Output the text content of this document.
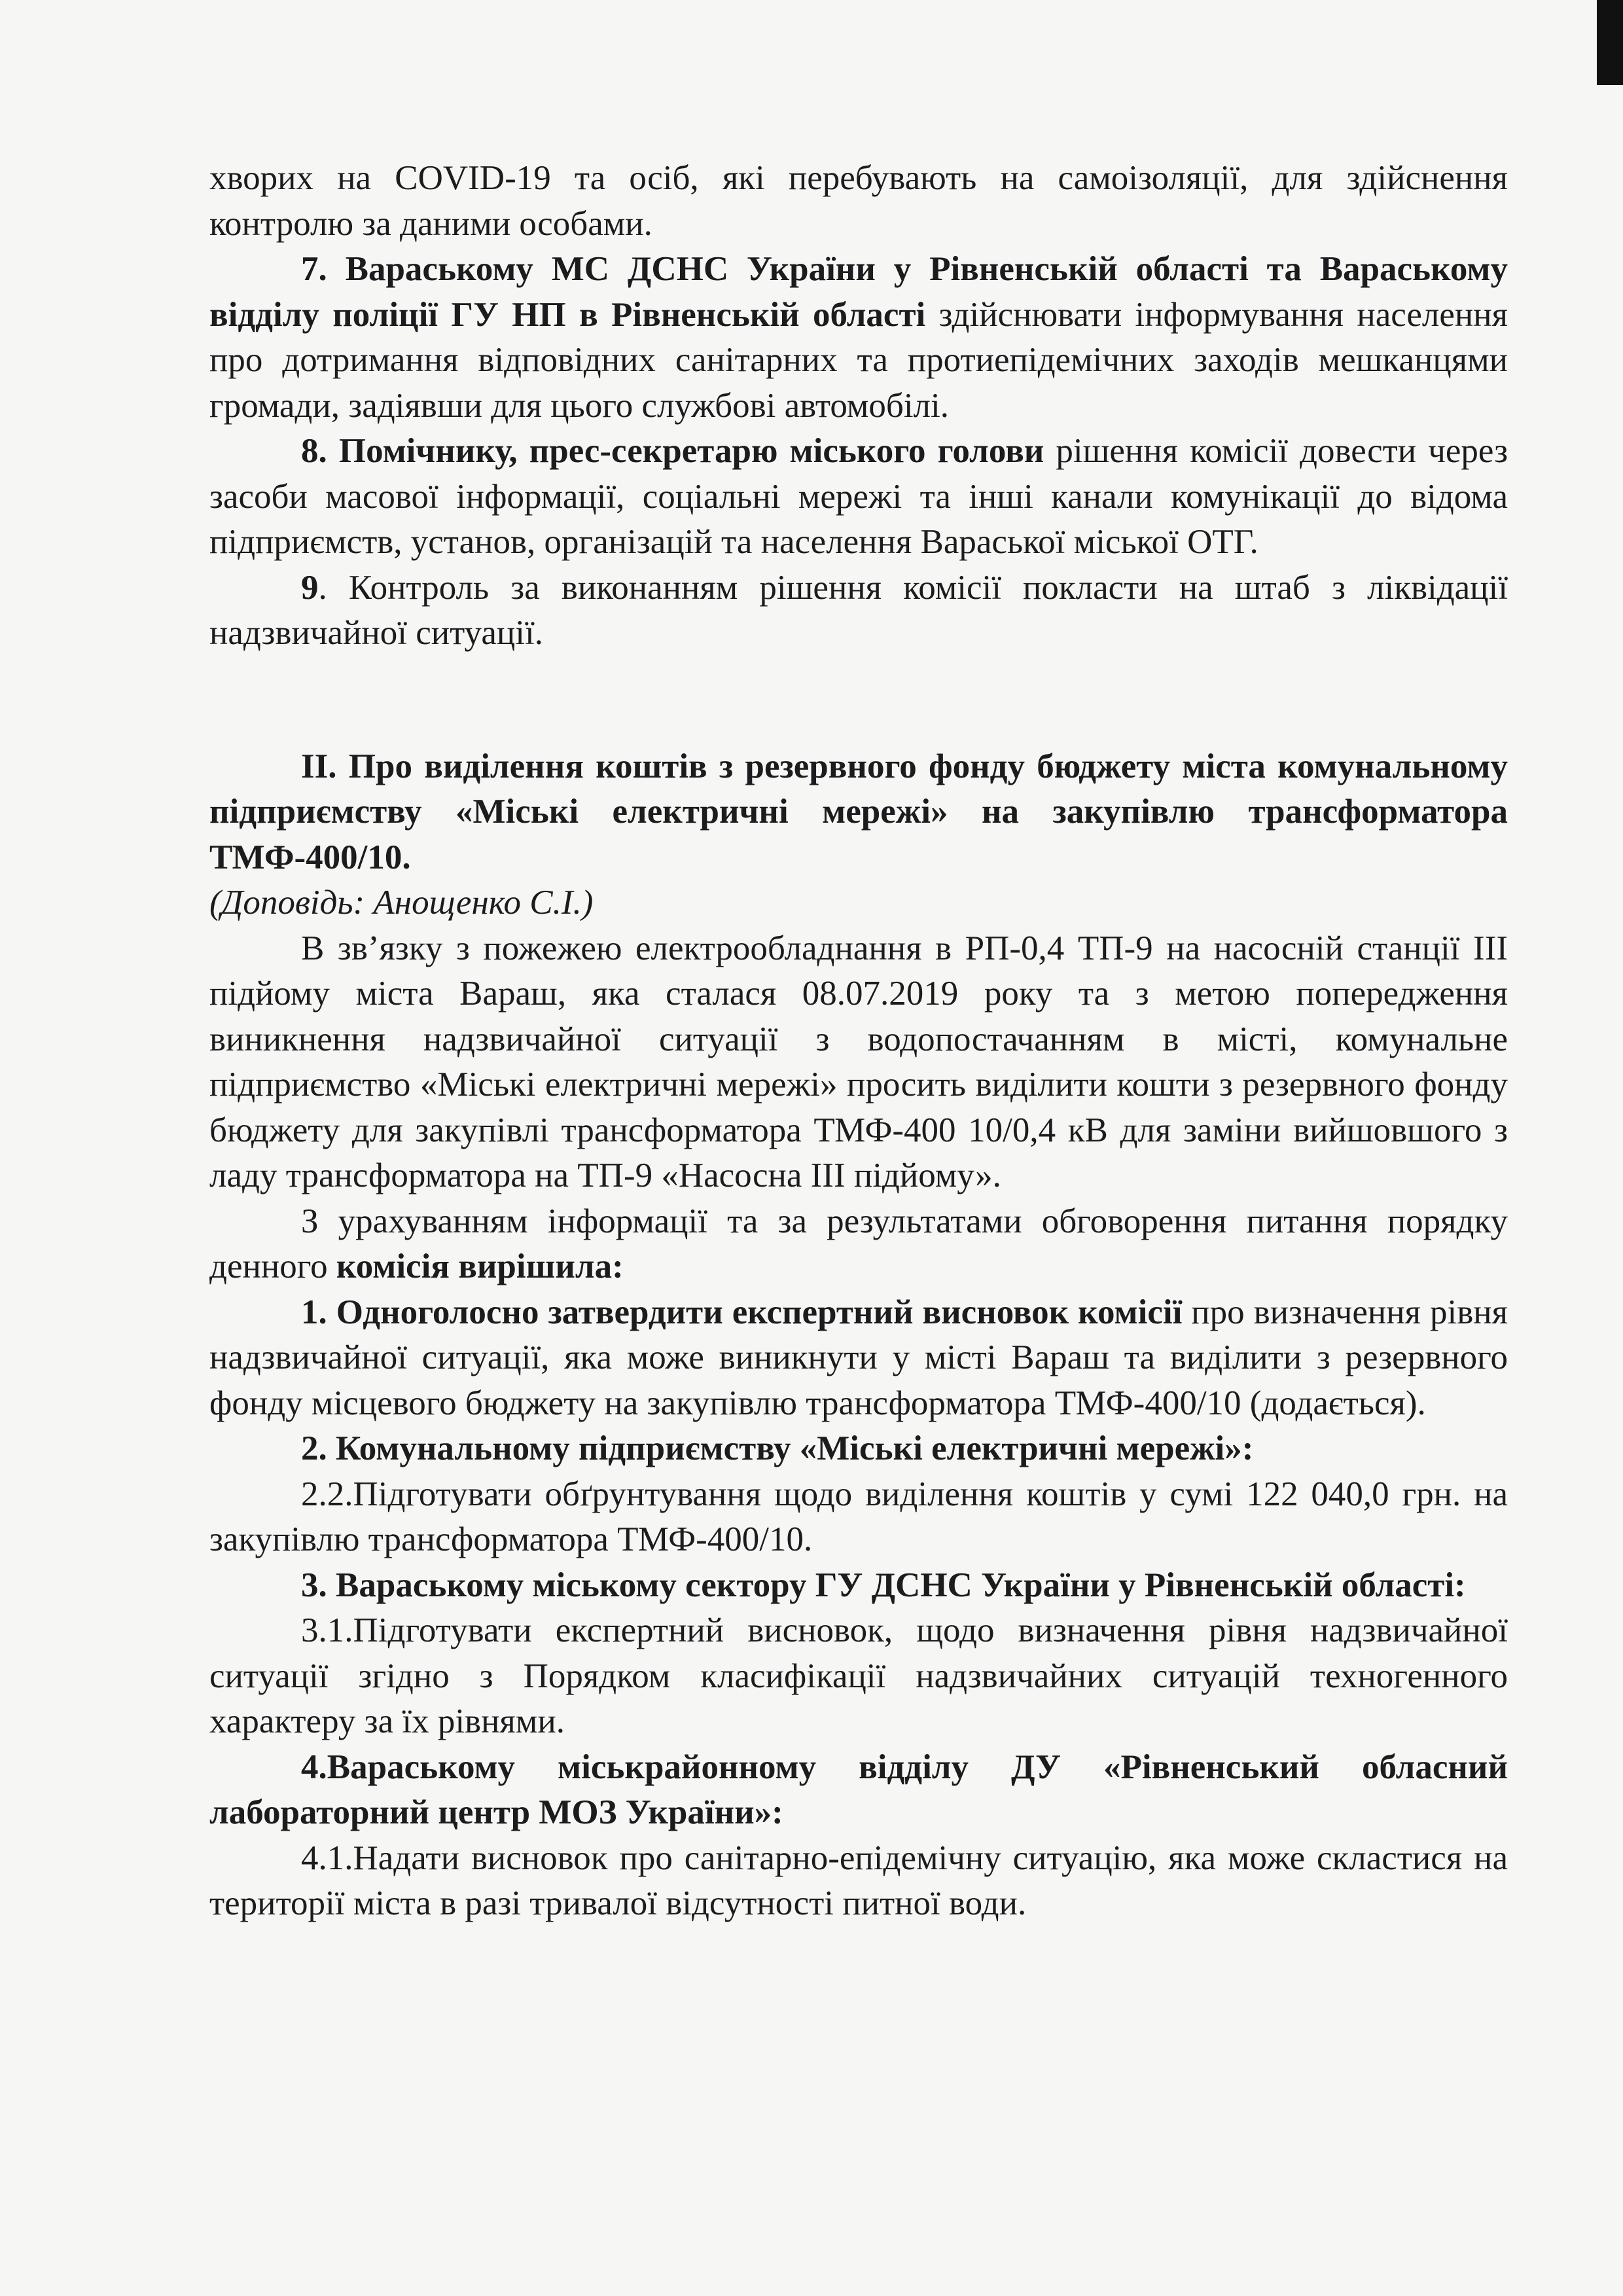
хворих на COVID-19 та осіб, які перебувають на самоізоляції, для здійснення контролю за даними особами.

7. Вараському МС ДСНС України у Рівненській області та Вараському відділу поліції ГУ НП в Рівненській області здійснювати інформування населення про дотримання відповідних санітарних та протиепідемічних заходів мешканцями громади, задіявши для цього службові автомобілі.

8. Помічнику, прес-секретарю міського голови рішення комісії довести через засоби масової інформації, соціальні мережі та інші канали комунікації до відома підприємств, установ, організацій та населення Вараської міської ОТГ.

9. Контроль за виконанням рішення комісії покласти на штаб з ліквідації надзвичайної ситуації.

ІІ. Про виділення коштів з резервного фонду бюджету міста комунальному підприємству «Міські електричні мережі» на закупівлю трансформатора ТМФ-400/10.

(Доповідь: Анощенко С.І.)

В зв’язку з пожежею електрообладнання в РП-0,4 ТП-9 на насосній станції ІІІ підйому міста Вараш, яка сталася 08.07.2019 року та з метою попередження виникнення надзвичайної ситуації з водопостачанням в місті, комунальне підприємство «Міські електричні мережі» просить виділити кошти з резервного фонду бюджету для закупівлі трансформатора ТМФ-400 10/0,4 кВ для заміни вийшовшого з ладу трансформатора на ТП-9 «Насосна ІІІ підйому».

З урахуванням інформації та за результатами обговорення питання порядку денного комісія вирішила:

1. Одноголосно затвердити експертний висновок комісії про визначення рівня надзвичайної ситуації, яка може виникнути у місті Вараш та виділити з резервного фонду місцевого бюджету на закупівлю трансформатора ТМФ-400/10 (додається).

2. Комунальному підприємству «Міські електричні мережі»:

2.2.Підготувати обґрунтування щодо виділення коштів у сумі 122 040,0 грн. на закупівлю трансформатора ТМФ-400/10.

3. Вараському міському сектору ГУ ДСНС України у Рівненській області:

3.1.Підготувати експертний висновок, щодо визначення рівня надзвичайної ситуації згідно з Порядком класифікації надзвичайних ситуацій техногенного характеру за їх рівнями.

4.Вараському міськрайонному відділу ДУ «Рівненський обласний лабораторний центр МОЗ України»:

4.1.Надати висновок про санітарно-епідемічну ситуацію, яка може скластися на території міста в разі тривалої відсутності питної води.
